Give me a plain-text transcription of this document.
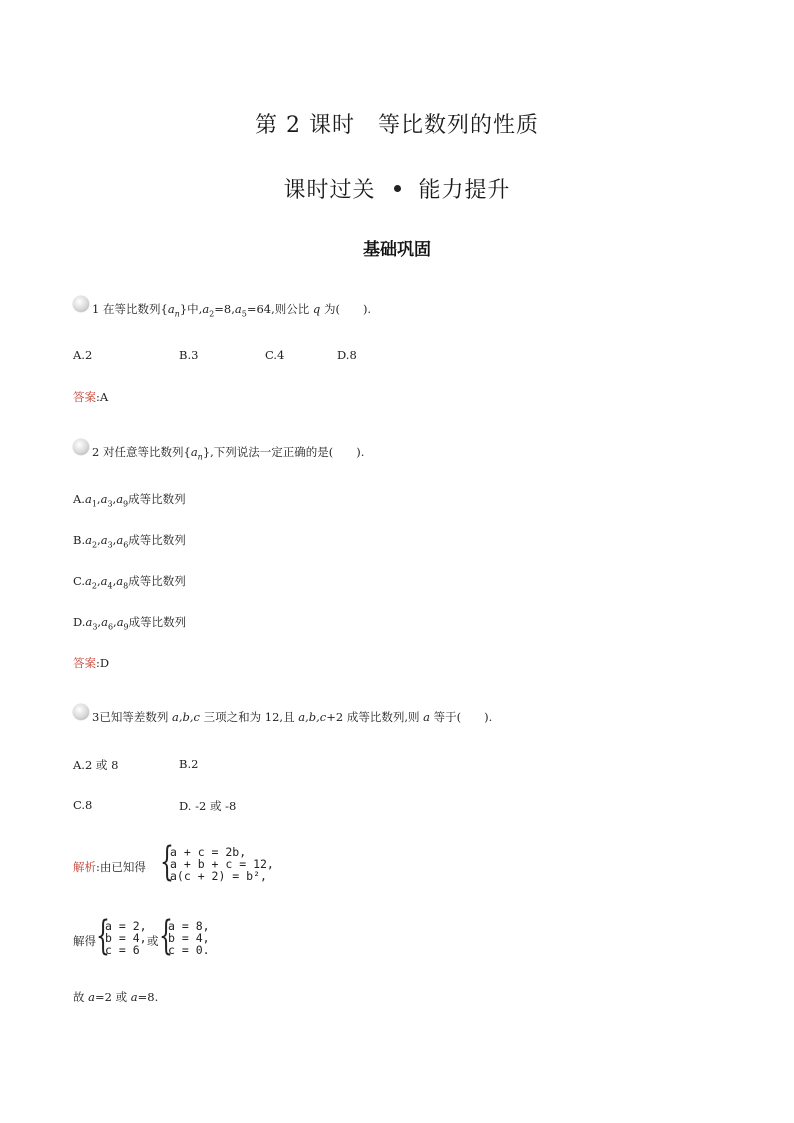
第 2 课时　等比数列的性质
课时过关 能力提升
基础巩固
1 在等比数列$\{a_n\}$中$,a_2=8,a_5=64$,则公比 q 为(　　).
A.2	B.3	C.4	D.8
答案:A
2 对任意等比数列$\{a_n\}$,下列说法一定正确的是(　　).
$A.a_1,a_3,a_9$成等比数列
$B.a_2,a_3,a_6$成等比数列
$C.a_2,a_4,a_8$成等比数列
$D.a_3,a_6,a_9$成等比数列
答案:D
3已知等差数列 a,b,c 三项之和为 12,且 a,b,c+2 成等比数列,则 a 等于(　　).
A.2 或 8	B.2
C.8	D. -2 或 -8
解析:由已知得 {
a + c = 2b,
a + b + c = 12,
a(c + 2) = b²,
解得 {
a = 2,
b = 4,
c = 6
或 {
a = 8,
b = 4,
c = 0.
故 a=2 或 a=8.
